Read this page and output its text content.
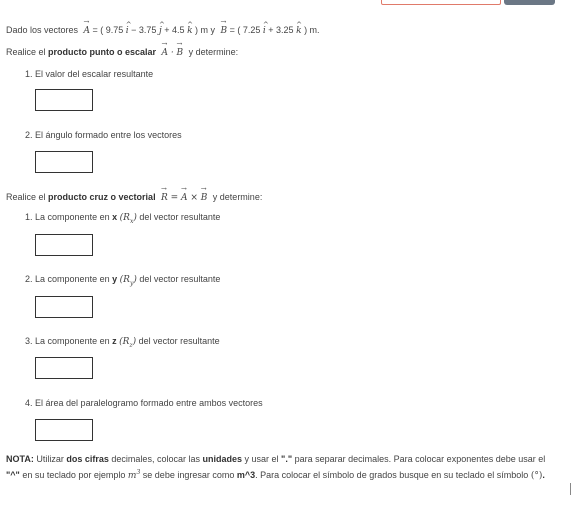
Dado los vectores → A = ( 9.75 ^ i − 3.75 ^ j + 4.5 ^ k ) m y → B = ( 7.25 ^ i + 3.25 ^ k ) m.
Realice el producto punto o escalar → A · → B y determine:
1. El valor del escalar resultante
2. El ángulo formado entre los vectores
Realice el producto cruz o vectorial → R = → A × → B y determine:
1. La componente en x $(R_x)$ del vector resultante
2. La componente en y $(R_y)$ del vector resultante
3. La componente en z $(R_z)$ del vector resultante
4. El área del paralelogramo formado entre ambos vectores
NOTA: Utilizar dos cifras decimales, colocar las unidades y usar el "." para separar decimales. Para colocar exponentes debe usar el "^" en su teclado por ejemplo $m^3$ se debe ingresar como m^3. Para colocar el símbolo de grados busque en su teclado el símbolo (°).
